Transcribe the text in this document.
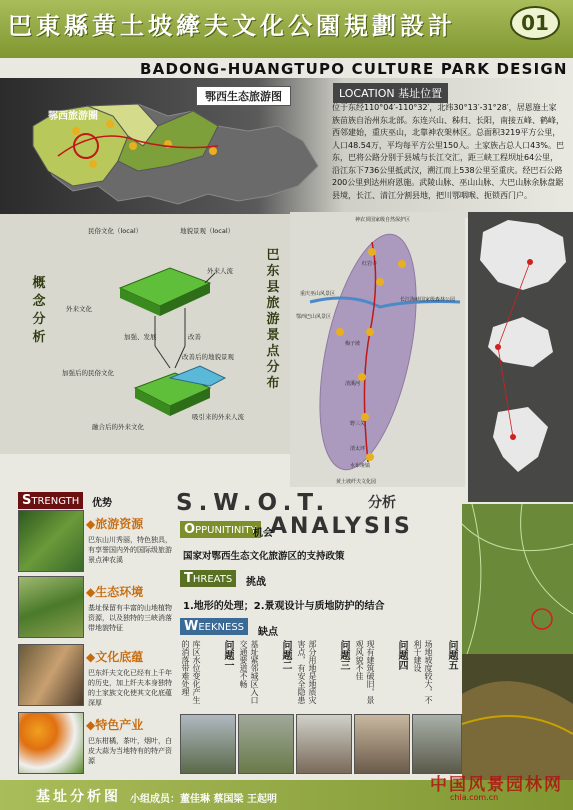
巴東縣黄土坡縴夫文化公園規劃設計	01
BADONG-HUANGTUPO CULTURE PARK DESIGN
鄂西旅游圈
鄂西生态旅游图	LOCATION 基址位置
位于东经110°04′-110°32′，北纬30°13′-31°28′，居恩施土家族苗族自治州东北部。东连兴山、秭归、长阳，南接五峰、鹤峰，西邻建始，重庆巫山，北靠神农架林区。总面积3219平方公里，人口48.54万，平均每平方公里150人。土家族占总人口43%。巴东，巴将公路分别于县城与长江交汇，距三峡工程坝址64公里，沿江东下736公里抵武汉，溯江而上538公里至重庆。经巴石公路200公里到达州府恩施。武陵山脉、巫山山脉、大巴山脉余脉盘踞县境，长江、清江分割县地，把川鄂咽喉、扼锁西门户。
概念分析
民俗文化（local）	地貌景观（local）
外来人流
外来文化
加强、发展	改善
加强后的民俗文化
改善后的地貌景观
融合后的外来文化
吸引来的外来人流
巴东县旅游景点分布
神农顶国家级自然保护区
重庆巫山风景区
长江海峡国家级森林公园
红岩寺
梅子坡
清溪河
野三关
清太坪
水布垭镇
鄂西巴山风景区
黄土坡纤夫文化园
STRENGTH	优势	S.W.O.T.	分析
ANALYSIS
OPPUNITINITY
机会
国家对鄂西生态文化旅游区的支持政策
THREATS	挑战
1.地形的处理；2.景观设计与质地防护的结合
WEEKNESS	缺点
◆旅游资源
巴东山川秀丽，特色独具，有享誉国内外的国际级旅游景点神农溪
◆生态环境
基址保留有丰富的山地植物资源，以及独特的三峡消落带地貌特征
◆文化底蕴
巴东纤夫文化已经有上千年的历史，加上纤夫本身独特的土家族文化使其文化底蕴深厚
◆特色产业
巴东柑橘，茶叶，烟叶，白皮大蒜为当地特有的特产资源
问题一
库区水位变化产生的消落带难处理	问题二
基址紧邻城区入口交通要道不畅	问题三
部分用地是地质灾害点，有安全隐患	问题四
现有建筑破旧，景观风貌不佳	问题五
场地坡度较大，不利于建设
基址分析图 小组成员：董佳琳 蔡国梁 王起明
中国风景园林网
chla.com.cn
